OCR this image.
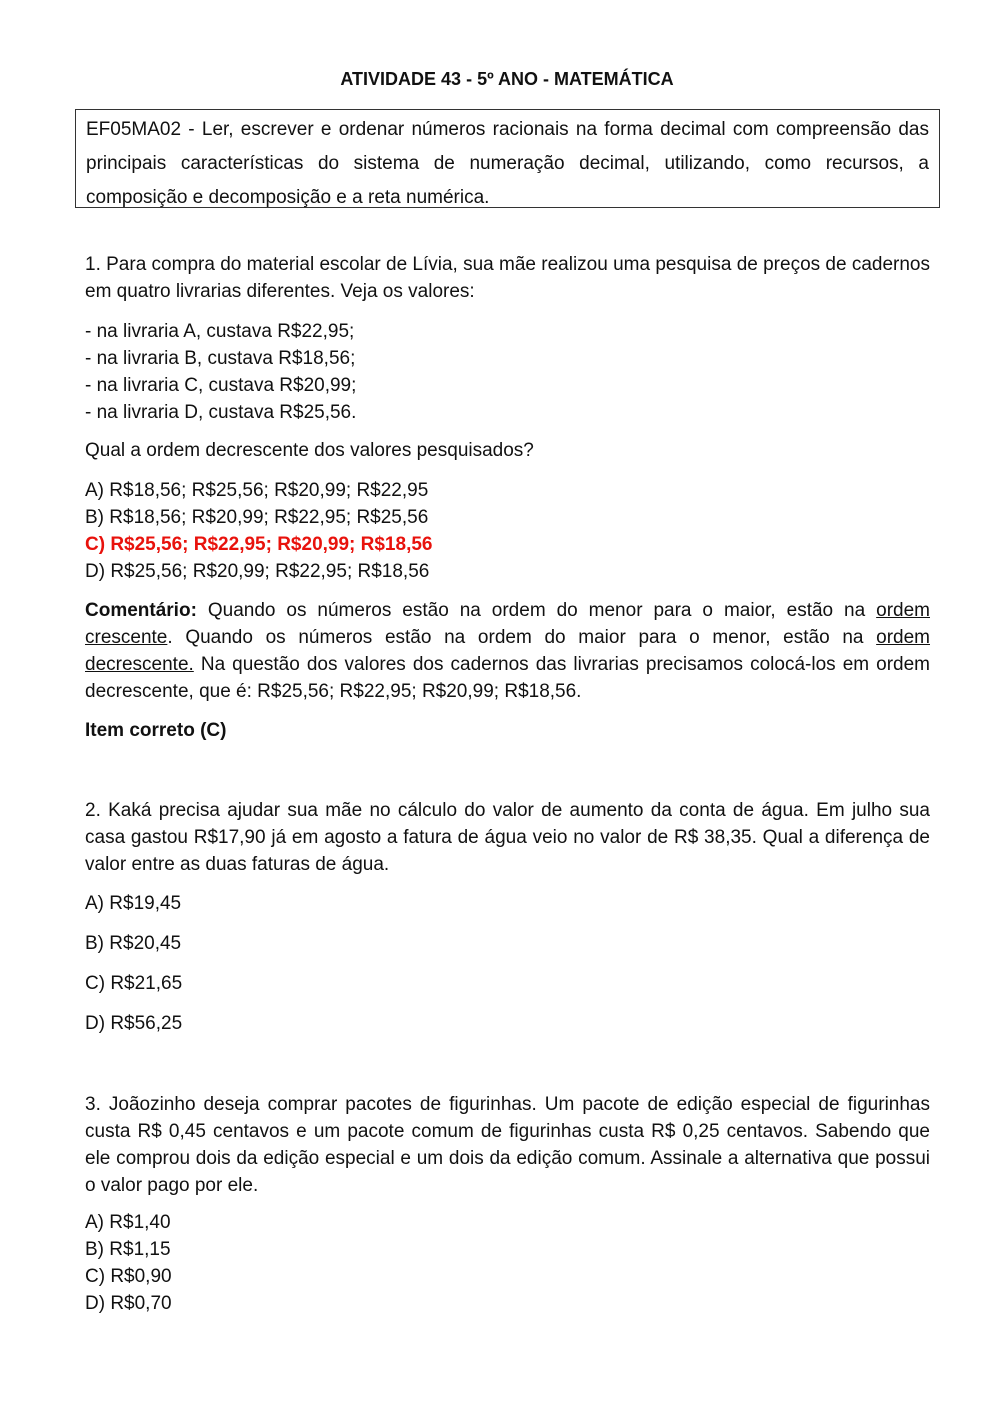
ATIVIDADE 43 - 5º ANO - MATEMÁTICA
EF05MA02 - Ler, escrever e ordenar números racionais na forma decimal com compreensão das principais características do sistema de numeração decimal, utilizando, como recursos, a composição e decomposição e a reta numérica.
1. Para compra do material escolar de Lívia, sua mãe realizou uma pesquisa de preços de cadernos em quatro livrarias diferentes. Veja os valores:
- na livraria A, custava R$22,95;
- na livraria B, custava R$18,56;
- na livraria C, custava R$20,99;
- na livraria D, custava R$25,56.
Qual a ordem decrescente dos valores pesquisados?
A) R$18,56; R$25,56; R$20,99; R$22,95
B) R$18,56; R$20,99; R$22,95; R$25,56
C) R$25,56; R$22,95; R$20,99; R$18,56
D) R$25,56; R$20,99; R$22,95; R$18,56
Comentário: Quando os números estão na ordem do menor para o maior, estão na ordem crescente. Quando os números estão na ordem do maior para o menor, estão na ordem decrescente. Na questão dos valores dos cadernos das livrarias precisamos colocá-los em ordem decrescente, que é: R$25,56; R$22,95; R$20,99; R$18,56.
Item correto (C)
2. Kaká precisa ajudar sua mãe no cálculo do valor de aumento da conta de água. Em julho sua casa gastou R$17,90 já em agosto a fatura de água veio no valor de R$ 38,35. Qual a diferença de valor entre as duas faturas de água.
A) R$19,45
B) R$20,45
C) R$21,65
D) R$56,25
3. Joãozinho deseja comprar pacotes de figurinhas. Um pacote de edição especial de figurinhas custa R$ 0,45 centavos e um pacote comum de figurinhas custa R$ 0,25 centavos. Sabendo que ele comprou dois da edição especial e um dois da edição comum. Assinale a alternativa que possui o valor pago por ele.
A) R$1,40
B) R$1,15
C) R$0,90
D) R$0,70
